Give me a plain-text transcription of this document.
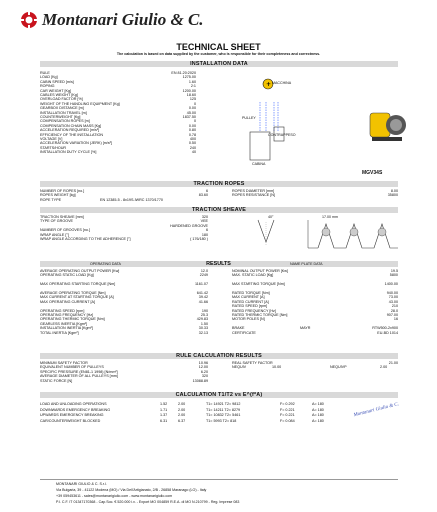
Montanari Giulio & C.
TECHNICAL SHEET
The calculation is based on data supplied by the customer, who is responsible for their completeness and correctness.
INSTALLATION DATA
+ MACCHINA
PULLEY
CONTRAPPESO
CABINA
MGV34S
TRACTION ROPES
TRACTION SHEAVE
40°	17.00 mm
OPERATING DATA	RESULTS	NAME PLATE DATA
RULE CALCULATION RESULTS
CALCULATION T1/T2 vs E^(f*A)
Montanari Giulio & C.
MONTANARI GIULIO & C. S.r.l.
Via Bulgaria, 39 - 41122 Modena (MO) / Via Dell'Artigianato, 2/B - 26858 Maranago (LO) - Italy
+39 059453611 - sales@montanarigiulio.com - www.montanarigiulio.com
P.I. C.F. IT 01347170368 - Cap.Soc. € 520.000 i.v. - Export MO 004859 R.E.A. di MO N.210799 - Reg. Imprese 083
RULE	EN 81.20:2020
LOAD [Kg]	1275.00
CABIN SPEED [m/s]	1.60
ROPING	2:1
CAR WEIGHT [Kg]	1200.00
CABLES WEIGHT [Kg]	18.60
OVERLOAD FACTOR [%]	125
WEIGHT OF THE HANDLING EQUIPMENT [Kg]	0
GEARBOX DISTANCE [m]	0.00
INSTALLATION TRAVEL [m]	45.00
COUNTERWEIGHT [Kg]	1837.50
COMPENSATION ROPES [m]	0
COMPENSATION CHAIN MASS [Kg]	0.00
ACCELERATION REQUIRED [m/s²]	0.80
EFFICIENCY OF THE INSTALLATION	0.78
VOLTAGE [V]	400
ACCELERATION VARIATION (JERK) [m/s³]	0.50
STARTS/HOUR	240
INSTALLATION DUTY CYCLE [%]	40
NUMBER OF ROPES [no.]	6
ROPES WEIGHT [kg]	83.60
ROPE TYPE	EN 12385-5 - 8x19S-IWRC 1370/1770
ROPES DIAMETER [mm]	8.00
ROPES RESISTANCE [N]	35800
TRACTION SHEAVE [mm]	320
TYPE OF GROOVE	VEE
HARDENED GROOVE
NUMBER OF GROOVES [no.]	6
WRAP ANGLE [°]	180
WRAP ANGLE ACCORDING TO THE ADHERENCE [°]	( 176/180 )
AVERAGE OPERATING OUTPUT POWER [Kw]	12.0
OPERATING STATIC LOAD [Kg]	2249
MAX OPERATING STARTING TORQUE [Nm]	1161.07
AVERAGE OPERATING TORQUE [Nm]	641.42
MAX CURRENT AT STARTING TORQUE [A]	39.42
MAX OPERATING CURRENT [A]	41.66
OPERATING SPEED [rpm]	190
OPERATING FREQUENCY [Hz]	25.3
OPERATING THERMIC TORQUE [Nm]	429.83
GEARLESS INERTIA [Kgm²]	1.50
INSTALLATION INERTIA [Kgm²]	30.33
TOTAL INERTIA [Kgm²]	32.13
NOMINAL OUTPUT POWER [Kw]	19.5
MAX. STATIC LOAD [Kg]	5800
MAX STARTING TORQUE [Nm]	1400.00
RATED TORQUE [Nm]	940.00
MAX CURRENT [A]	73.00
RATED CURRENT [A]	43.00
RATED SPEED [rpm]	210
RATED FREQUENCY [Hz]	28.0
RATED THERMIC TORQUE [Nm]	907.00
MOTOR POLES [N]	16
BRAKE	MAYR	RTW500-2x900
CERTIFICATE	EU-BD 1014
MINIMUM SAFETY FACTOR	10.96
EQUIVALENT NUMBER OF PULLEYS	12.00
SPECIFIC PRESSURE (EN81-1 1998) [N/mm²]	6.20
AVERAGE DIAMETER OF ALL PULLEYS [mm]	320
STATIC FORCE [N]	13088.89
REAL SAFETY FACTOR	21.00
NEQUIV	10.00	NEQUIVP	2.00
LOAD AND UNLOADING OPERATIONS	1.52	2.00	T1= 14921 T2= 9812	F= 0.292	A= 180
DOWNWARDS EMERGENCY BREAKING	1.71	2.00	T1= 14211 T2= 8279	F= 0.221	A= 180
UPWARDS EMERGENCY BREAKING	1.37	2.00	T1= 10832 T2= 5461	F= 0.221	A= 180
CAR/COUNTERWEIGHT BLOCKED	6.31	6.37	T1= 5993 T2= 818	F= 0.084	A= 180
